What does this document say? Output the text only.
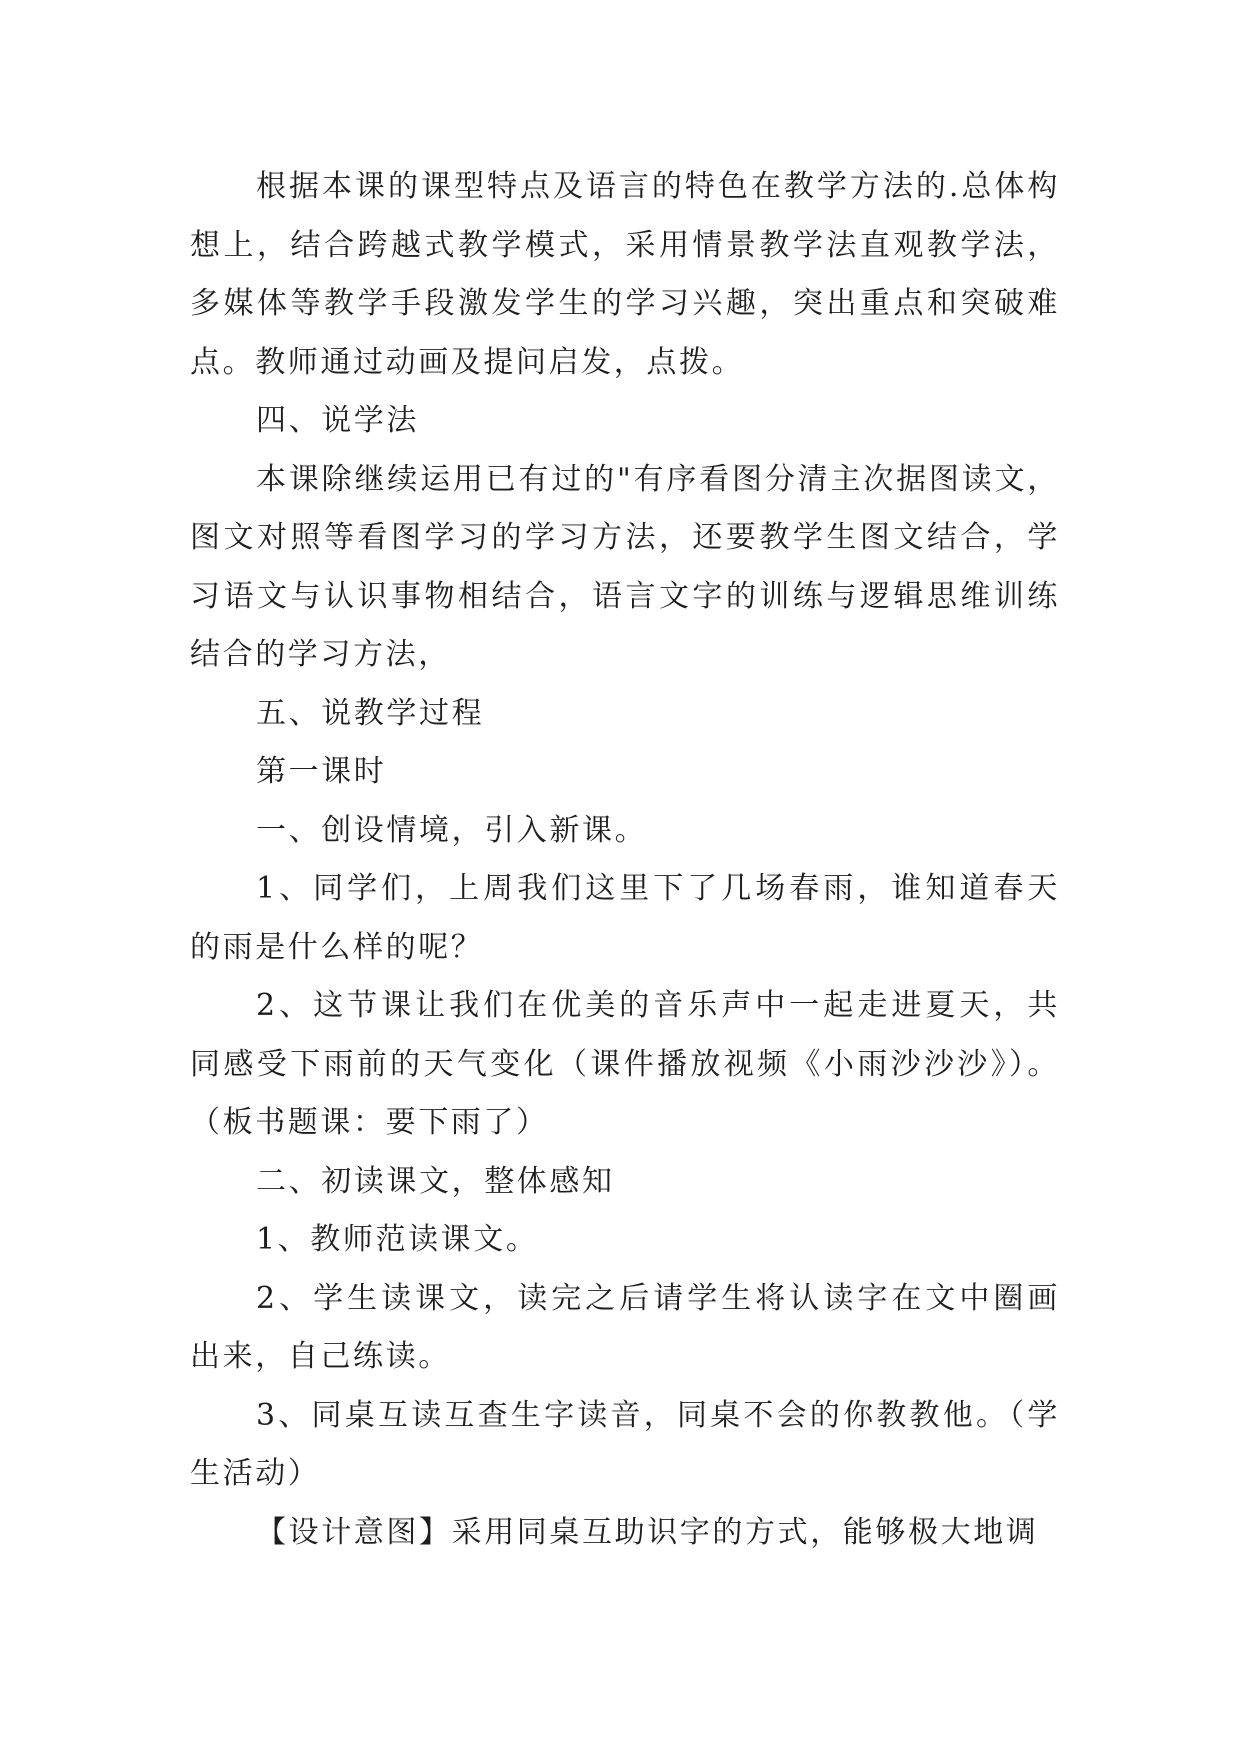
根据本课的课型特点及语言的特色在教学方法的.总体构想上，结合跨越式教学模式，采用情景教学法直观教学法，多媒体等教学手段激发学生的学习兴趣，突出重点和突破难点。教师通过动画及提问启发，点拨。

四、说学法

本课除继续运用已有过的"有序看图分清主次据图读文，图文对照等看图学习的学习方法，还要教学生图文结合，学习语文与认识事物相结合，语言文字的训练与逻辑思维训练结合的学习方法，

五、说教学过程

第一课时

一、创设情境，引入新课。

1、同学们，上周我们这里下了几场春雨，谁知道春天的雨是什么样的呢？

2、这节课让我们在优美的音乐声中一起走进夏天，共同感受下雨前的天气变化（课件播放视频《小雨沙沙沙》）。（板书题课：要下雨了）

二、初读课文，整体感知

1、教师范读课文。

2、学生读课文，读完之后请学生将认读字在文中圈画出来，自己练读。

3、同桌互读互查生字读音，同桌不会的你教教他。（学生活动）

【设计意图】采用同桌互助识字的方式，能够极大地调
